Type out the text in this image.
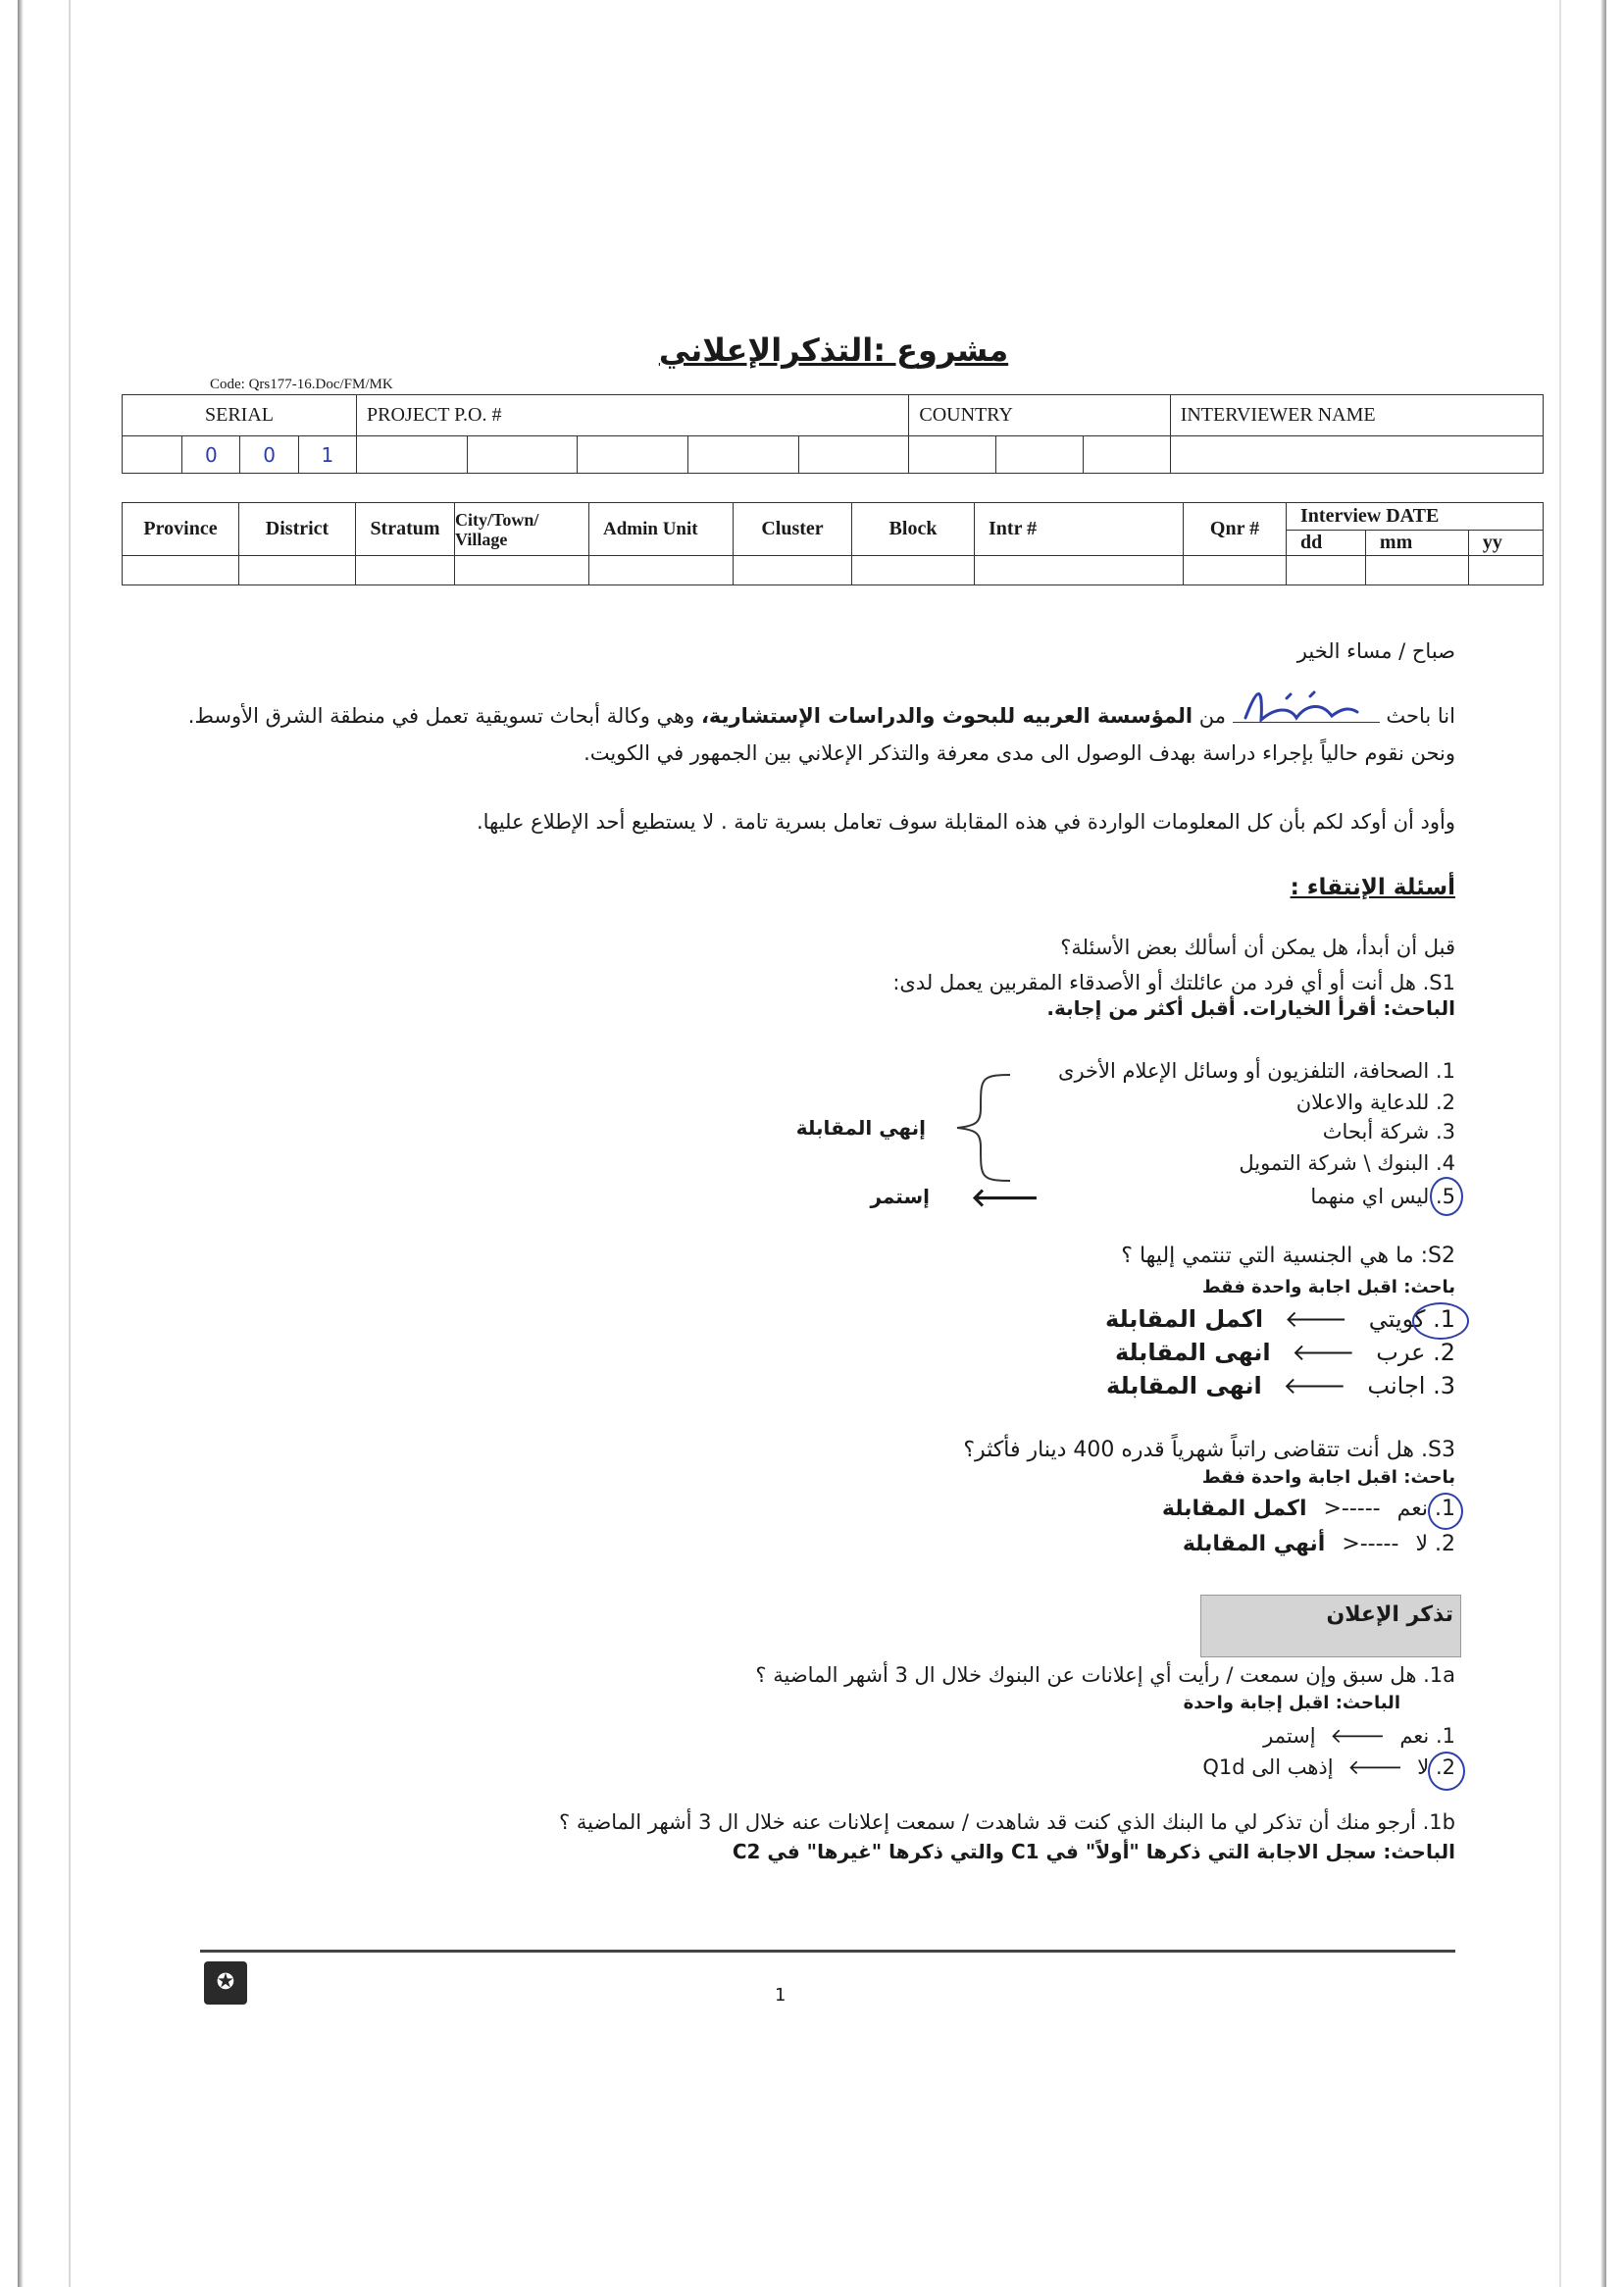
مشروع :التذكرالإعلاني
Code: Qrs177-16.Doc/FM/MK
SERIAL				PROJECT P.O. #					COUNTRY			INTERVIEWER NAME
	0	0	1									
Province	District	Stratum	City/Town/ Village	Admin Unit	Cluster	Block	Intr #	Qnr #	Interview DATE		
									dd	mm	yy

صباح / مساء الخير
انا باحث  من المؤسسة العربيه للبحوث والدراسات الإستشارية، وهي وكالة أبحاث تسويقية تعمل في منطقة الشرق الأوسط.
ونحن نقوم حالياً بإجراء دراسة بهدف الوصول الى مدى معرفة والتذكر الإعلاني بين الجمهور في الكويت.
وأود أن أوكد لكم بأن كل المعلومات الواردة في هذه المقابلة سوف تعامل بسرية تامة . لا يستطيع أحد الإطلاع عليها.
أسئلة الإنتقاء :
قبل أن أبدأ، هل يمكن أن أسألك بعض الأسئلة؟
S1. هل أنت أو أي فرد من عائلتك أو الأصدقاء المقربين يعمل لدى:
الباحث: أقرأ الخيارات. أقبل أكثر من إجابة.
1. الصحافة، التلفزيون أو وسائل الإعلام الأخرى
2. للدعاية والاعلان
3. شركة أبحاث
4. البنوك \ شركة التمويل
5. ليس اي منهما
إنهي المقابلة
🡐
إستمر
S2: ما هي الجنسية التي تنتمي إليها ؟
باحث: اقبل اجابة واحدة فقط
1. كويتي 🡐 اكمل المقابلة
2. عرب 🡐 انهى المقابلة
3. اجانب 🡐 انهى المقابلة
S3. هل أنت تتقاضى راتباً شهرياً قدره 400 دينار فأكثر؟
باحث: اقبل اجابة واحدة فقط
1. نعم -----< اكمل المقابلة
2. لا -----< أنهي المقابلة
تذكر الإعلان
1a. هل سبق وإن سمعت / رأيت أي إعلانات عن البنوك خلال ال 3 أشهر الماضية ؟
الباحث: اقبل إجابة واحدة
1. نعم 🡐 إستمر
2. لا 🡐 إذهب الى Q1d
1b. أرجو منك أن تذكر لي ما البنك الذي كنت قد شاهدت / سمعت إعلانات عنه خلال ال 3 أشهر الماضية ؟
الباحث: سجل الاجابة التي ذكرها "أولاً" في C1 والتي ذكرها "غيرها" في C2
✪
1
